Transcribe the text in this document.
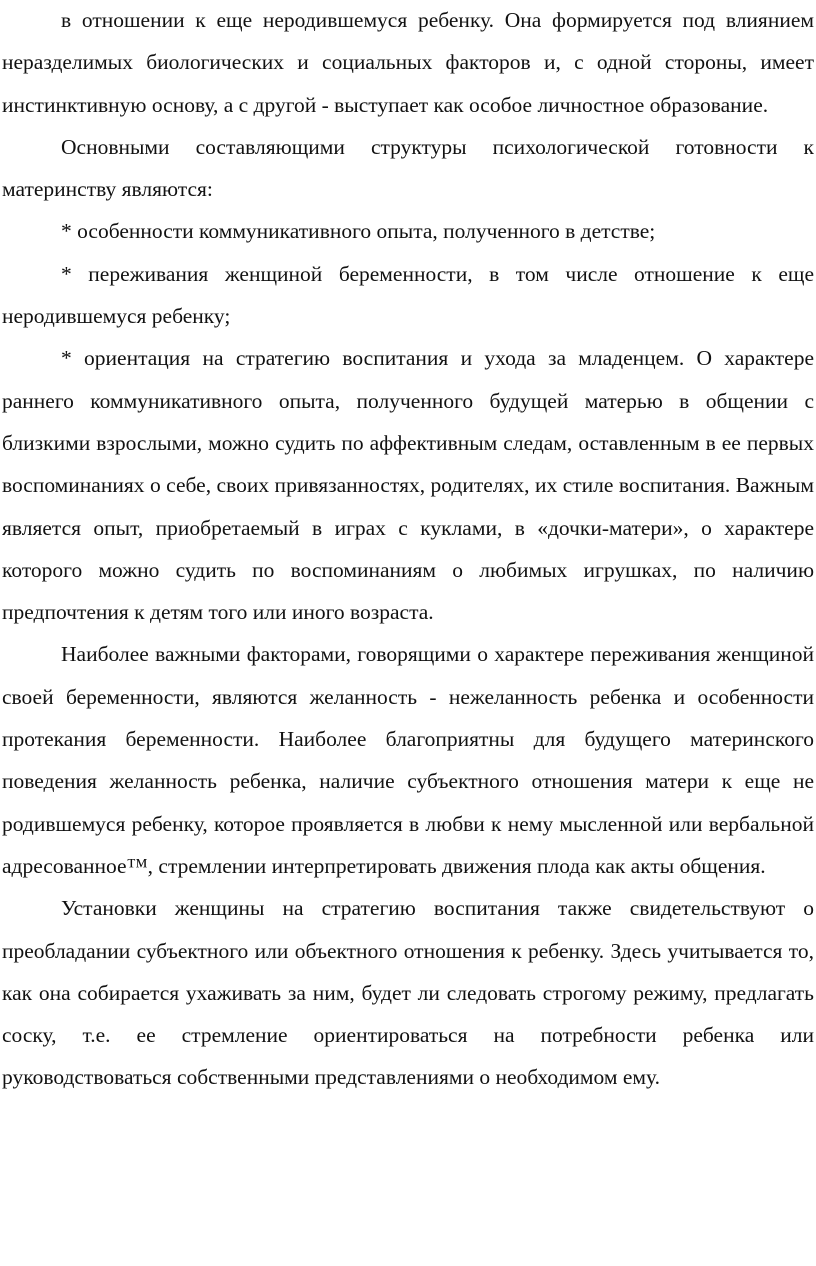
в отношении к еще неродившемуся ребенку. Она формируется под влиянием неразделимых биологических и социальных факторов и, с одной стороны, имеет инстинктивную основу, а с другой - выступает как особое личностное образование.

Основными составляющими структуры психологической готовности к материнству являются:

* особенности коммуникативного опыта, полученного в детстве;

* переживания женщиной беременности, в том числе отношение к еще неродившемуся ребенку;

* ориентация на стратегию воспитания и ухода за младенцем. О характере раннего коммуникативного опыта, полученного будущей матерью в общении с близкими взрослыми, можно судить по аффективным следам, оставленным в ее первых воспоминаниях о себе, своих привязанностях, родителях, их стиле воспитания. Важным является опыт, приобретаемый в играх с куклами, в «дочки-матери», о характере которого можно судить по воспоминаниям о любимых игрушках, по наличию предпочтения к детям того или иного возраста.

Наиболее важными факторами, говорящими о характере переживания женщиной своей беременности, являются желанность - нежеланность ребенка и особенности протекания беременности. Наиболее благоприятны для будущего материнского поведения желанность ребенка, наличие субъектного отношения матери к еще не родившемуся ребенку, которое проявляется в любви к нему мысленной или вербальной адресованное™, стремлении интерпретировать движения плода как акты общения.

Установки женщины на стратегию воспитания также свидетельствуют о преобладании субъектного или объектного отношения к ребенку. Здесь учитывается то, как она собирается ухаживать за ним, будет ли следовать строгому режиму, предлагать соску, т.е. ее стремление ориентироваться на потребности ребенка или руководствоваться собственными представлениями о необходимом ему.
